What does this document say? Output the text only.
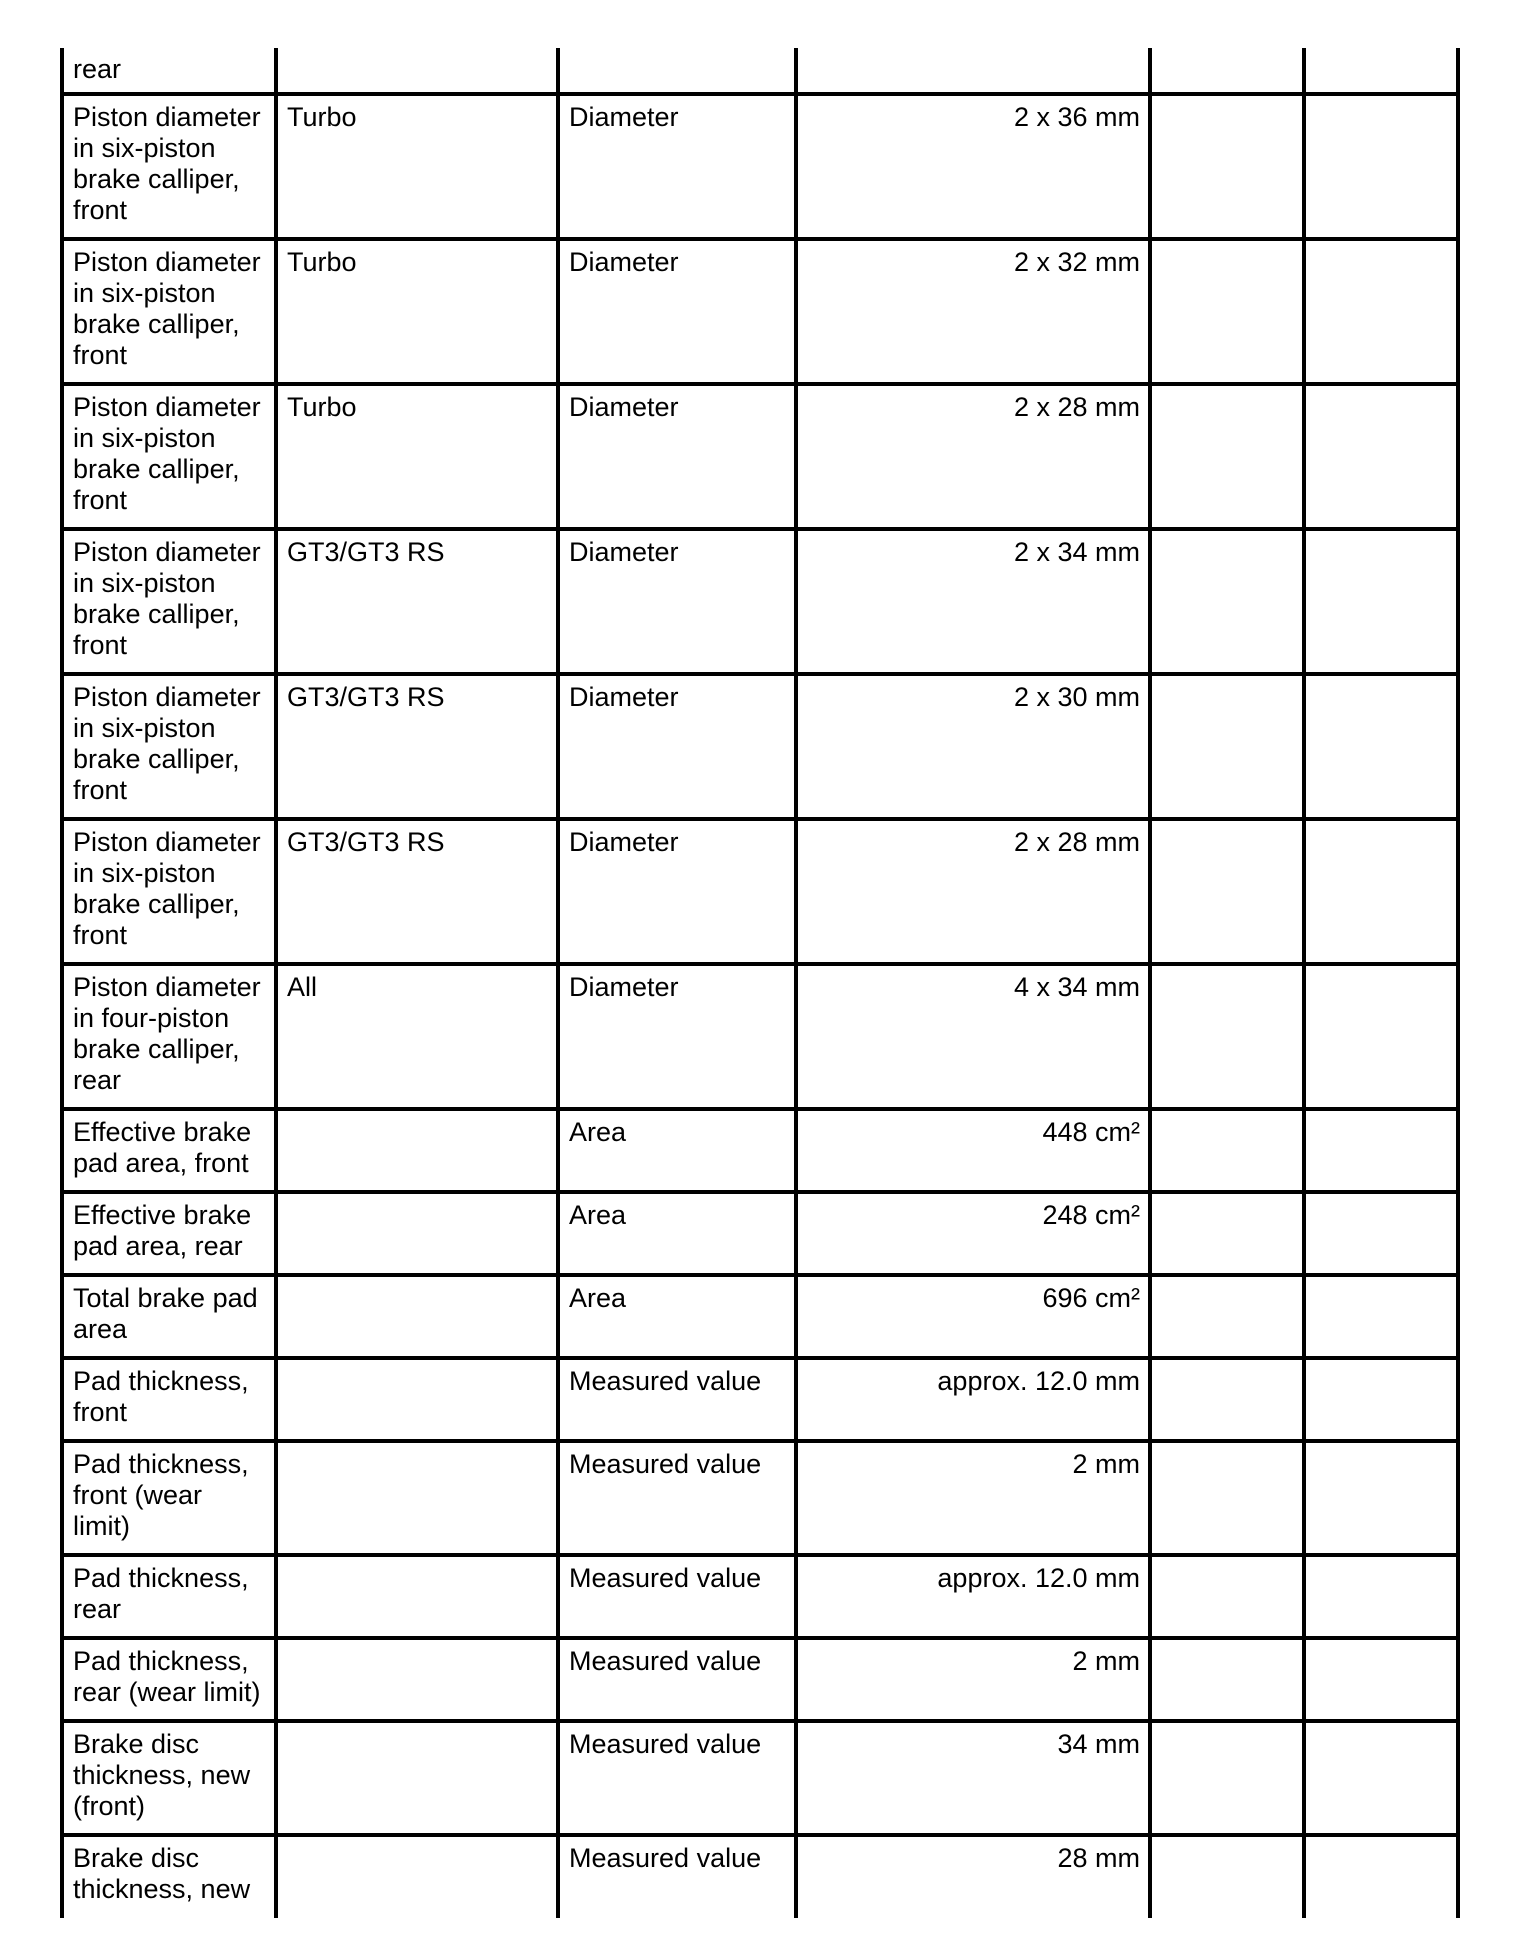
rear					
Piston diameter
in six-piston
brake calliper,
front	Turbo	Diameter	2 x 36 mm		
Piston diameter
in six-piston
brake calliper,
front	Turbo	Diameter	2 x 32 mm		
Piston diameter
in six-piston
brake calliper,
front	Turbo	Diameter	2 x 28 mm		
Piston diameter
in six-piston
brake calliper,
front	GT3/GT3 RS	Diameter	2 x 34 mm		
Piston diameter
in six-piston
brake calliper,
front	GT3/GT3 RS	Diameter	2 x 30 mm		
Piston diameter
in six-piston
brake calliper,
front	GT3/GT3 RS	Diameter	2 x 28 mm		
Piston diameter
in four-piston
brake calliper,
rear	All	Diameter	4 x 34 mm		
Effective brake
pad area, front		Area	448 cm²		
Effective brake
pad area, rear		Area	248 cm²		
Total brake pad
area		Area	696 cm²		
Pad thickness,
front		Measured value	approx. 12.0 mm		
Pad thickness,
front (wear
limit)		Measured value	2 mm		
Pad thickness,
rear		Measured value	approx. 12.0 mm		
Pad thickness,
rear (wear limit)		Measured value	2 mm		
Brake disc
thickness, new
(front)		Measured value	34 mm		
Brake disc
thickness, new		Measured value	28 mm		
